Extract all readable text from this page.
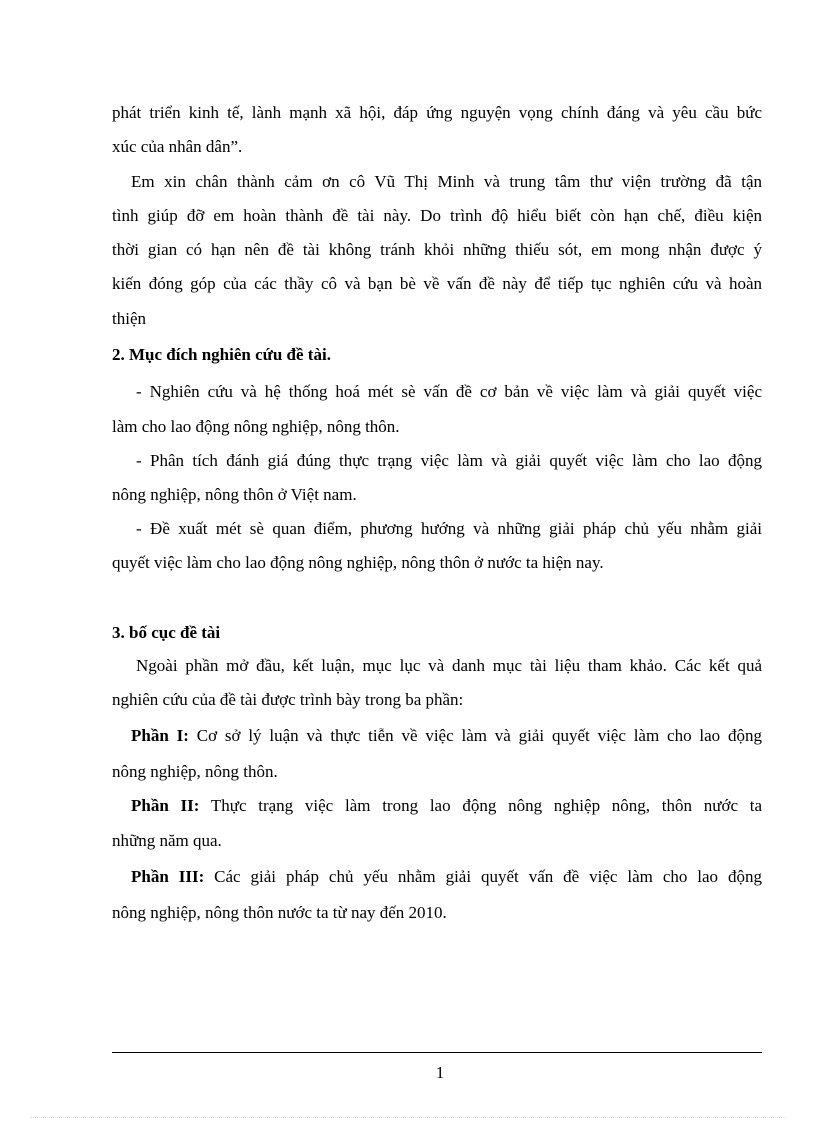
phát triển kinh tế, lành mạnh xã hội, đáp ứng nguyện vọng chính đáng và yêu cầu bức
xúc của nhân dân”.
Em xin chân thành cảm ơn cô Vũ Thị Minh và trung tâm thư viện trường đã tận
tình giúp đỡ em hoàn thành đề tài này. Do trình độ hiểu biết còn hạn chế, điều kiện
thời gian có hạn nên đề tài không tránh khỏi những thiếu sót, em mong nhận được ý
kiến đóng góp của các thầy cô và bạn bè về vấn đề này để tiếp tục nghiên cứu và hoàn
thiện
2. Mục đích nghiên cứu đề tài.
- Nghiên cứu và hệ thống hoá mét sè vấn đề cơ bản về việc làm và giải quyết việc
làm cho lao động nông nghiệp, nông thôn.
- Phân tích đánh giá đúng thực trạng việc làm và giải quyết việc làm cho lao động
nông nghiệp, nông thôn ở Việt nam.
- Đề xuất mét sè quan điểm, phương hướng và những giải pháp chủ yếu nhằm giải
quyết việc làm cho lao động nông nghiệp, nông thôn ở nước ta hiện nay.
3. bố cục đề tài
Ngoài phần mở đầu, kết luận, mục lục và danh mục tài liệu tham khảo. Các kết quả
nghiên cứu của đề tài được trình bày trong ba phần:
Phần I: Cơ sở lý luận và thực tiễn về việc làm và giải quyết việc làm cho lao động
nông nghiệp, nông thôn.
Phần II: Thực trạng việc làm trong lao động nông nghiệp nông, thôn nước ta
những năm qua.
Phần III: Các giải pháp chủ yếu nhằm giải quyết vấn đề việc làm cho lao động
nông nghiệp, nông thôn nước ta từ nay đến 2010.
1
